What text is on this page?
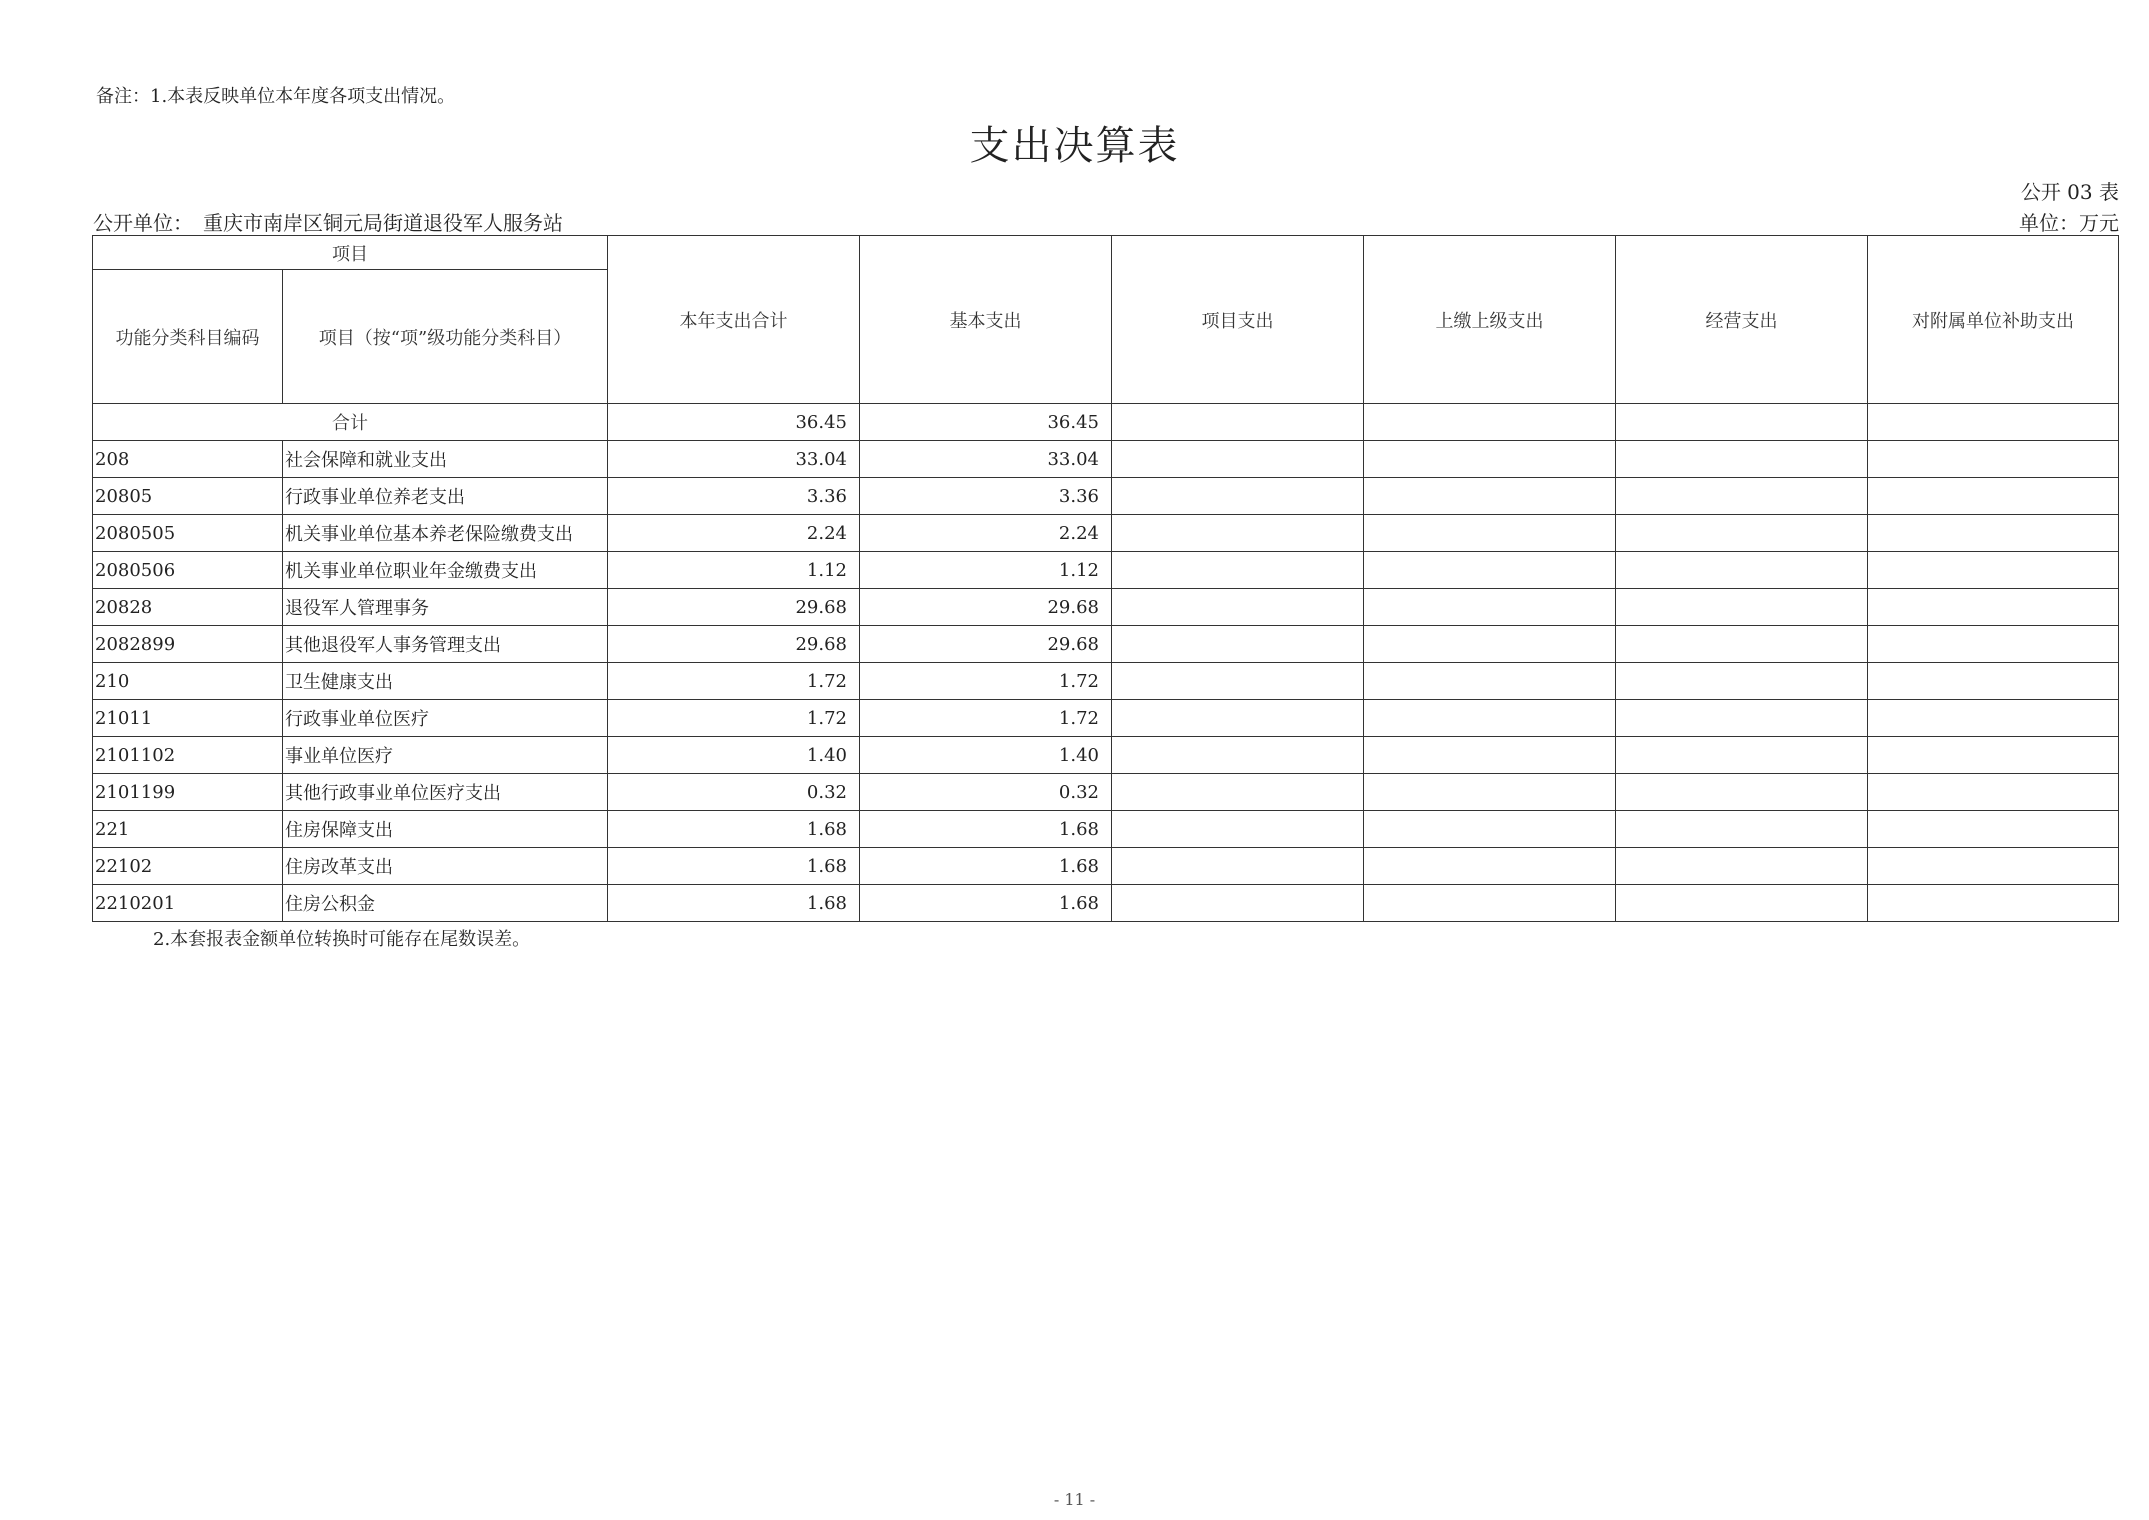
备注：1.本表反映单位本年度各项支出情况。
支出决算表
公开 03 表
公开单位： 重庆市南岸区铜元局街道退役军人服务站	单位：万元
项目		本年支出合计	基本支出	项目支出	上缴上级支出	经营支出	对附属单位补助支出
功能分类科目编码	项目（按“项”级功能分类科目）						
合计		36.45	36.45				
208	社会保障和就业支出	33.04	33.04				
20805	行政事业单位养老支出	3.36	3.36				
2080505	机关事业单位基本养老保险缴费支出	2.24	2.24				
2080506	机关事业单位职业年金缴费支出	1.12	1.12				
20828	退役军人管理事务	29.68	29.68				
2082899	其他退役军人事务管理支出	29.68	29.68				
210	卫生健康支出	1.72	1.72				
21011	行政事业单位医疗	1.72	1.72				
2101102	事业单位医疗	1.40	1.40				
2101199	其他行政事业单位医疗支出	0.32	0.32				
221	住房保障支出	1.68	1.68				
22102	住房改革支出	1.68	1.68				
2210201	住房公积金	1.68	1.68				
2.本套报表金额单位转换时可能存在尾数误差。
- 11 -
